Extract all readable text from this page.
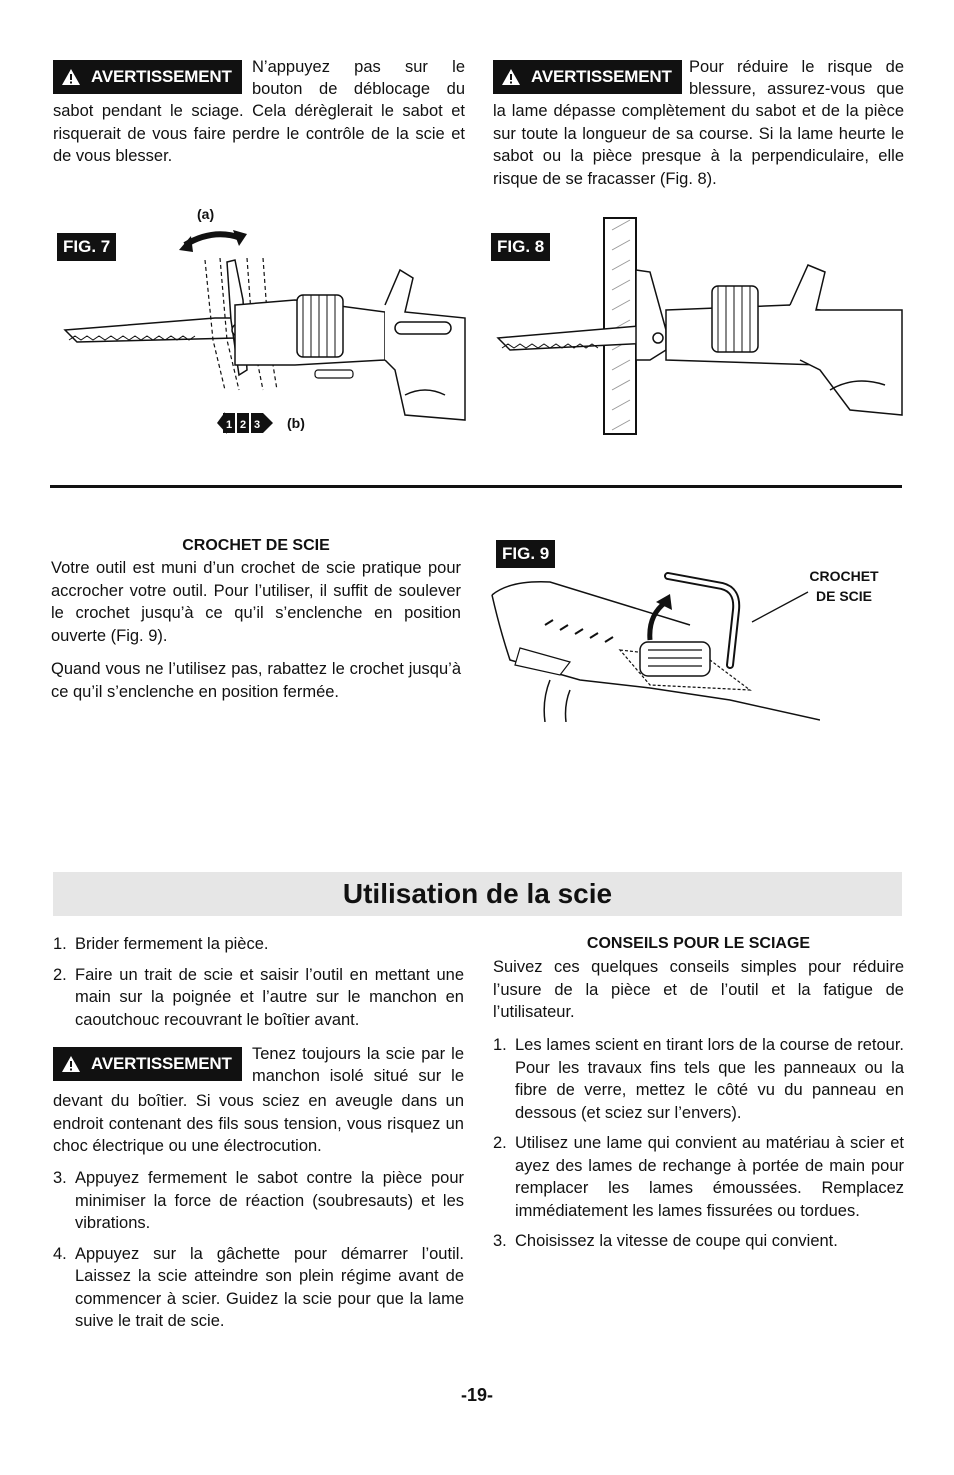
AVERTISSEMENT N’appuyez pas sur le
bouton de déblocage du
sabot pendant le sciage. Cela dérèglerait le sabot et risquerait de vous faire perdre le contrôle de la scie et de vous blesser.
AVERTISSEMENT Pour réduire le risque de
blessure, assurez-vous que
la lame dépasse complètement du sabot et de la pièce sur toute la longueur de sa course. Si la lame heurte le sabot ou la pièce presque à la perpendiculaire, elle risque de se fracasser (Fig. 8).
FIG. 7
(a)
(b)
1 2 3
FIG. 8
CROCHET DE SCIE
Votre outil est muni d’un crochet de scie pratique pour accrocher votre outil. Pour l’utiliser, il suffit de soulever le crochet jusqu’à ce qu’il s’enclenche en position ouverte (Fig. 9).
Quand vous ne l’utilisez pas, rabattez le crochet jusqu’à ce qu’il s’enclenche en position fermée.
FIG. 9
CROCHET
DE SCIE
Utilisation de la scie
1. Brider fermement la pièce.
2. Faire un trait de scie et saisir l’outil en mettant une main sur la poignée et l’autre sur le manchon en caoutchouc recouvrant le boîtier avant.
AVERTISSEMENT Tenez toujours la scie par le
manchon isolé situé sur le
devant du boîtier. Si vous sciez en aveugle dans un endroit contenant des fils sous tension, vous risquez un choc électrique ou une électrocution.
3. Appuyez fermement le sabot contre la pièce pour minimiser la force de réaction (soubresauts) et les vibrations.
4. Appuyez sur la gâchette pour démarrer l’outil. Laissez la scie atteindre son plein régime avant de commencer à scier. Guidez la scie pour que la lame suive le trait de scie.
CONSEILS POUR LE SCIAGE
Suivez ces quelques conseils simples pour réduire l’usure de la pièce et de l’outil et la fatigue de l’utilisateur.
1. Les lames scient en tirant lors de la course de retour. Pour les travaux fins tels que les panneaux ou la fibre de verre, mettez le côté vu du panneau en dessous (et sciez sur l’envers).
2. Utilisez une lame qui convient au matériau à scier et ayez des lames de rechange à portée de main pour remplacer les lames émoussées. Remplacez immédiatement les lames fissurées ou tordues.
3. Choisissez la vitesse de coupe qui convient.
-19-
